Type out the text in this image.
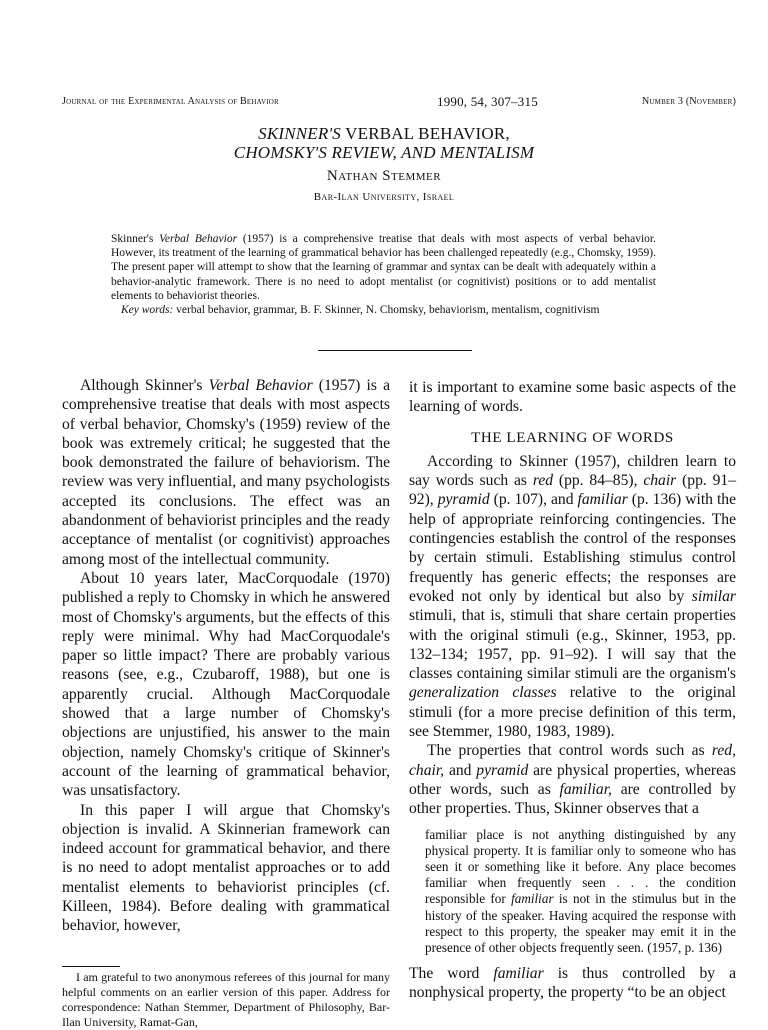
Journal of the Experimental Analysis of Behavior	1990, 54, 307–315	Number 3 (November)
SKINNER'S VERBAL BEHAVIOR,
CHOMSKY'S REVIEW, AND MENTALISM
Nathan Stemmer
Bar-Ilan University, Israel

Skinner's Verbal Behavior (1957) is a comprehensive treatise that deals with most aspects of verbal behavior. However, its treatment of the learning of grammatical behavior has been challenged repeatedly (e.g., Chomsky, 1959). The present paper will attempt to show that the learning of grammar and syntax can be dealt with adequately within a behavior-analytic framework. There is no need to adopt mentalist (or cognitivist) positions or to add mentalist elements to behaviorist theories.

Key words: verbal behavior, grammar, B. F. Skinner, N. Chomsky, behaviorism, mentalism, cognitivism

Although Skinner's Verbal Behavior (1957) is a comprehensive treatise that deals with most aspects of verbal behavior, Chomsky's (1959) review of the book was extremely critical; he suggested that the book demonstrated the failure of behaviorism. The review was very influential, and many psychologists accepted its conclusions. The effect was an abandonment of behaviorist principles and the ready acceptance of mentalist (or cognitivist) approaches among most of the intellectual community.

About 10 years later, MacCorquodale (1970) published a reply to Chomsky in which he answered most of Chomsky's arguments, but the effects of this reply were minimal. Why had MacCorquodale's paper so little impact? There are probably various reasons (see, e.g., Czubaroff, 1988), but one is apparently crucial. Although MacCorquodale showed that a large number of Chomsky's objections are unjustified, his answer to the main objection, namely Chomsky's critique of Skinner's account of the learning of grammatical behavior, was unsatisfactory.

In this paper I will argue that Chomsky's objection is invalid. A Skinnerian framework can indeed account for grammatical behavior, and there is no need to adopt mentalist approaches or to add mentalist elements to behaviorist principles (cf. Killeen, 1984). Before dealing with grammatical behavior, however,

I am grateful to two anonymous referees of this journal for many helpful comments on an earlier version of this paper. Address for correspondence: Nathan Stemmer, Department of Philosophy, Bar-Ilan University, Ramat-Gan,

it is important to examine some basic aspects of the learning of words.

THE LEARNING OF WORDS

According to Skinner (1957), children learn to say words such as red (pp. 84–85), chair (pp. 91–92), pyramid (p. 107), and familiar (p. 136) with the help of appropriate reinforcing contingencies. The contingencies establish the control of the responses by certain stimuli. Establishing stimulus control frequently has generic effects; the responses are evoked not only by identical but also by similar stimuli, that is, stimuli that share certain properties with the original stimuli (e.g., Skinner, 1953, pp. 132–134; 1957, pp. 91–92). I will say that the classes containing similar stimuli are the organism's generalization classes relative to the original stimuli (for a more precise definition of this term, see Stemmer, 1980, 1983, 1989).

The properties that control words such as red, chair, and pyramid are physical properties, whereas other words, such as familiar, are controlled by other properties. Thus, Skinner observes that a

familiar place is not anything distinguished by any physical property. It is familiar only to someone who has seen it or something like it before. Any place becomes familiar when frequently seen . . . the condition responsible for familiar is not in the stimulus but in the history of the speaker. Having acquired the response with respect to this property, the speaker may emit it in the presence of other objects frequently seen. (1957, p. 136)

The word familiar is thus controlled by a nonphysical property, the property “to be an object
